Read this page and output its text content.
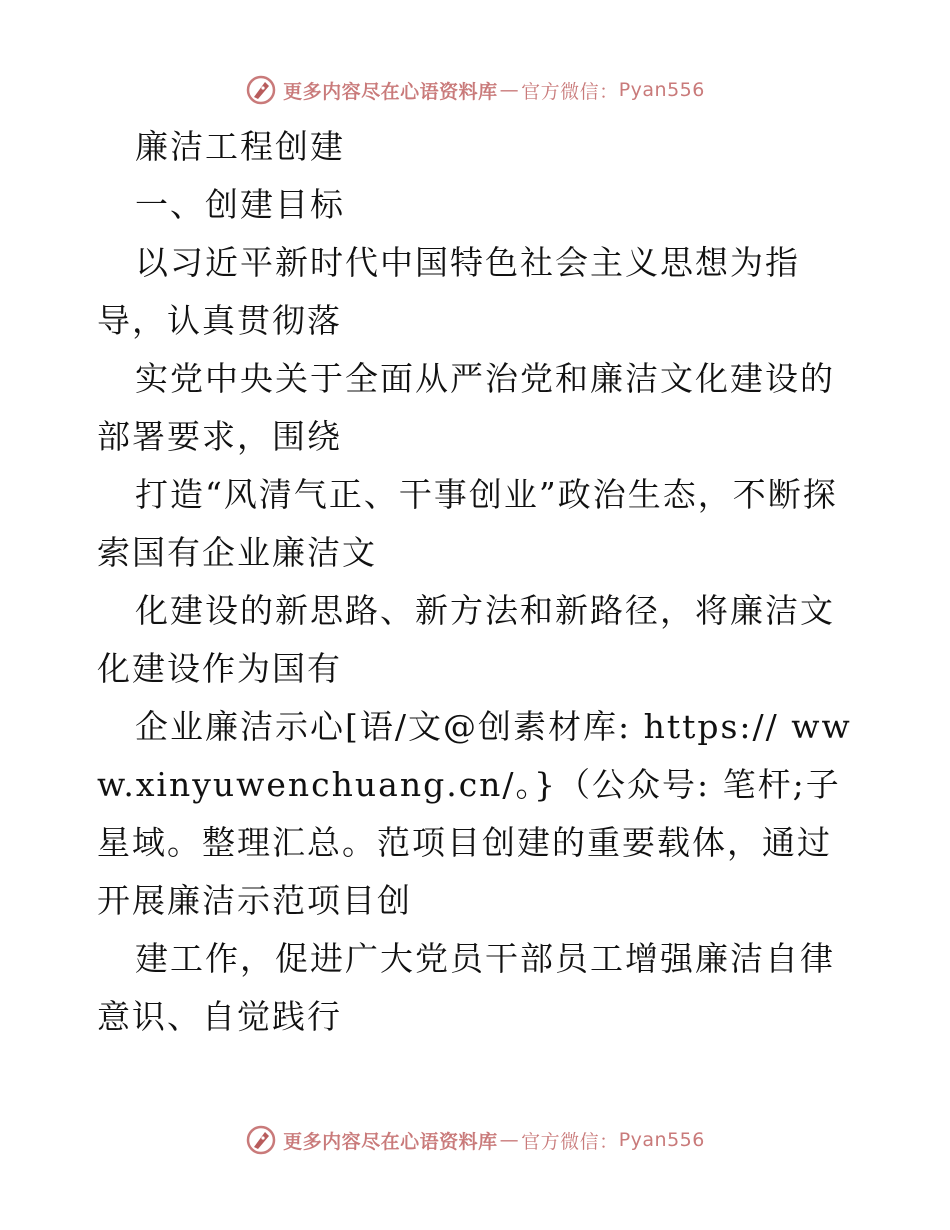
更多内容尽在心语资料库 — 官方微信： Pyan556

廉洁工程创建

一、创建目标

以习近平新时代中国特色社会主义思想为指导，认真贯彻落

实党中央关于全面从严治党和廉洁文化建设的部署要求，围绕

打造“风清气正、干事创业”政治生态，不断探索国有企业廉洁文

化建设的新思路、新方法和新路径，将廉洁文化建设作为国有

企业廉洁示心[语/文@创素材库: https:// www.xinyuwenchuang.cn/。}（公众号: 笔杆;子星域。整理汇总。范项目创建的重要载体，通过开展廉洁示范项目创

建工作，促进广大党员干部员工增强廉洁自律意识、自觉践行

更多内容尽在心语资料库 — 官方微信： Pyan556
